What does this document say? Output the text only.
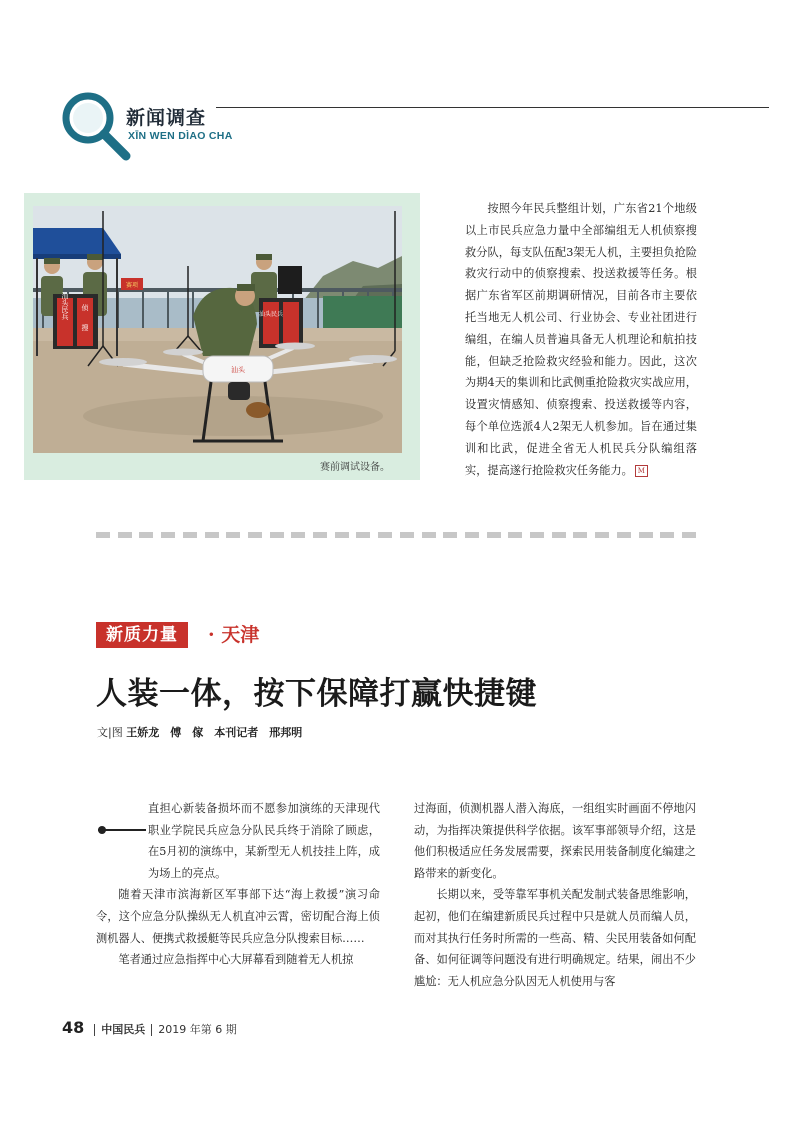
新闻调查
XĪN WEN DÌAO CHA
汕头民兵 侦
搜
赛项
汕头民兵
汕头
赛前调试设备。
按照今年民兵整组计划，广东省21个地级以上市民兵应急力量中全部编组无人机侦察搜救分队，每支队伍配3架无人机，主要担负抢险救灾行动中的侦察搜索、投送救援等任务。根据广东省军区前期调研情况，目前各市主要依托当地无人机公司、行业协会、专业社团进行编组，在编人员普遍具备无人机理论和航拍技能，但缺乏抢险救灾经验和能力。因此，这次为期4天的集训和比武侧重抢险救灾实战应用，设置灾情感知、侦察搜索、投送救援等内容，每个单位选派4人2架无人机参加。旨在通过集训和比武，促进全省无人机民兵分队编组落实，提高遂行抢险救灾任务能力。 M
新质力量	· 天津
人装一体，按下保障打赢快捷键
文|图 王娇龙　傅　傢　本刊记者　邢邦明

直担心新装备损坏而不愿参加演练的天津现代职业学院民兵应急分队民兵终于消除了顾虑，在5月初的演练中，某新型无人机技挂上阵，成为场上的亮点。

随着天津市滨海新区军事部下达“海上救援”演习命令，这个应急分队操纵无人机直冲云霄，密切配合海上侦测机器人、便携式救援艇等民兵应急分队搜索目标……

笔者通过应急指挥中心大屏幕看到随着无人机掠

过海面，侦测机器人潜入海底，一组组实时画面不停地闪动，为指挥决策提供科学依据。该军事部领导介绍，这是他们积极适应任务发展需要，探索民用装备制度化编建之路带来的新变化。

长期以来，受等靠军事机关配发制式装备思维影响，起初，他们在编建新质民兵过程中只是就人员而编人员，而对其执行任务时所需的一些高、精、尖民用装备如何配备、如何征调等问题没有进行明确规定。结果，闹出不少尴尬：无人机应急分队因无人机使用与客

48 中国民兵 2019 年第 6 期
